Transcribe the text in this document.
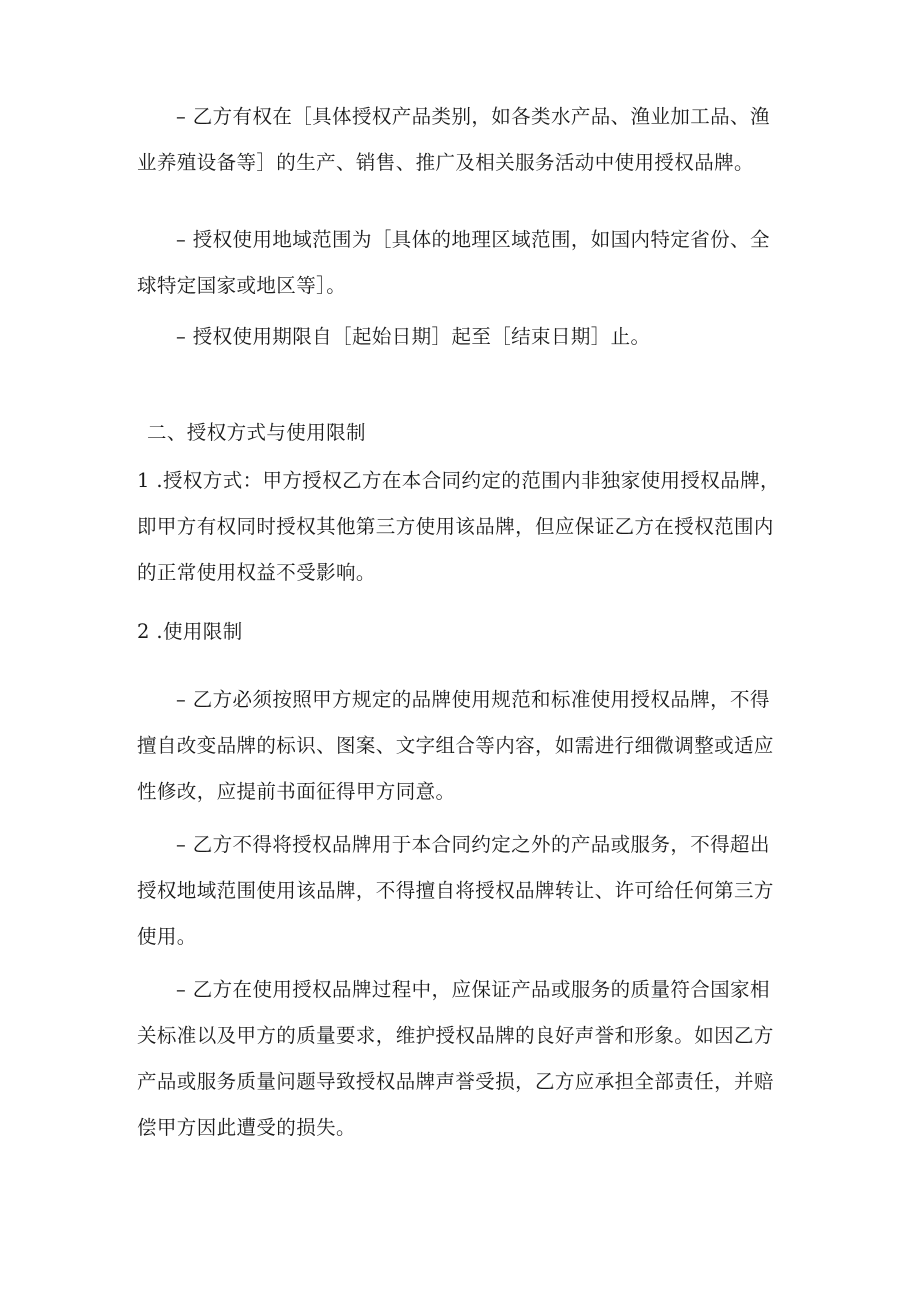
– 乙方有权在［具体授权产品类别，如各类水产品、渔业加工品、渔业养殖设备等］的生产、销售、推广及相关服务活动中使用授权品牌。

– 授权使用地域范围为［具体的地理区域范围，如国内特定省份、全球特定国家或地区等］。

– 授权使用期限自［起始日期］起至［结束日期］止。

二、授权方式与使用限制

1 .授权方式：甲方授权乙方在本合同约定的范围内非独家使用授权品牌，即甲方有权同时授权其他第三方使用该品牌，但应保证乙方在授权范围内的正常使用权益不受影响。

2 .使用限制

– 乙方必须按照甲方规定的品牌使用规范和标准使用授权品牌，不得擅自改变品牌的标识、图案、文字组合等内容，如需进行细微调整或适应性修改，应提前书面征得甲方同意。

– 乙方不得将授权品牌用于本合同约定之外的产品或服务，不得超出授权地域范围使用该品牌，不得擅自将授权品牌转让、许可给任何第三方使用。

– 乙方在使用授权品牌过程中，应保证产品或服务的质量符合国家相关标准以及甲方的质量要求，维护授权品牌的良好声誉和形象。如因乙方产品或服务质量问题导致授权品牌声誉受损，乙方应承担全部责任，并赔偿甲方因此遭受的损失。
